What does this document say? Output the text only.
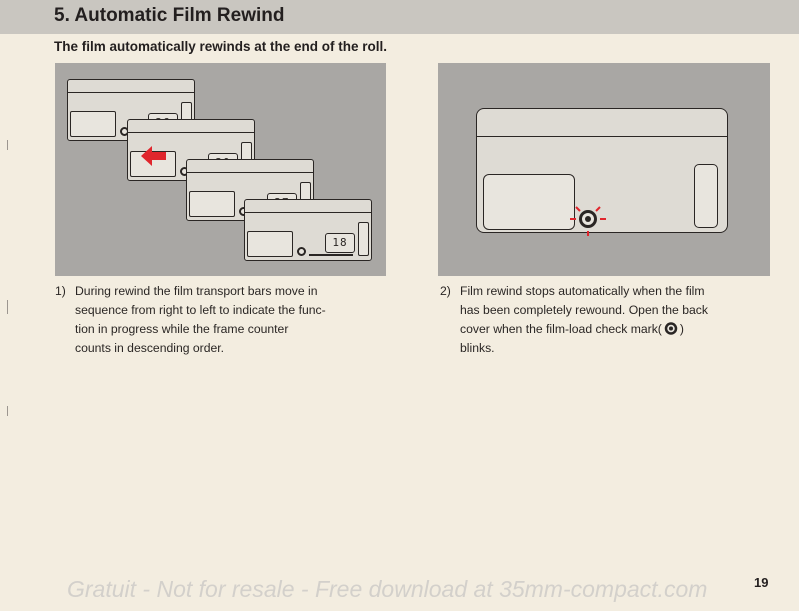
5. Automatic Film Rewind
The film automatically rewinds at the end of the roll.
18
1) During rewind the film transport bars move in
sequence from right to left to indicate the func-
tion in progress while the frame counter
counts in descending order.
2) Film rewind stops automatically when the film
has been completely rewound. Open the back
cover when the film-load check mark( )
blinks.
Gratuit - Not for resale - Free download at 35mm-compact.com	19
